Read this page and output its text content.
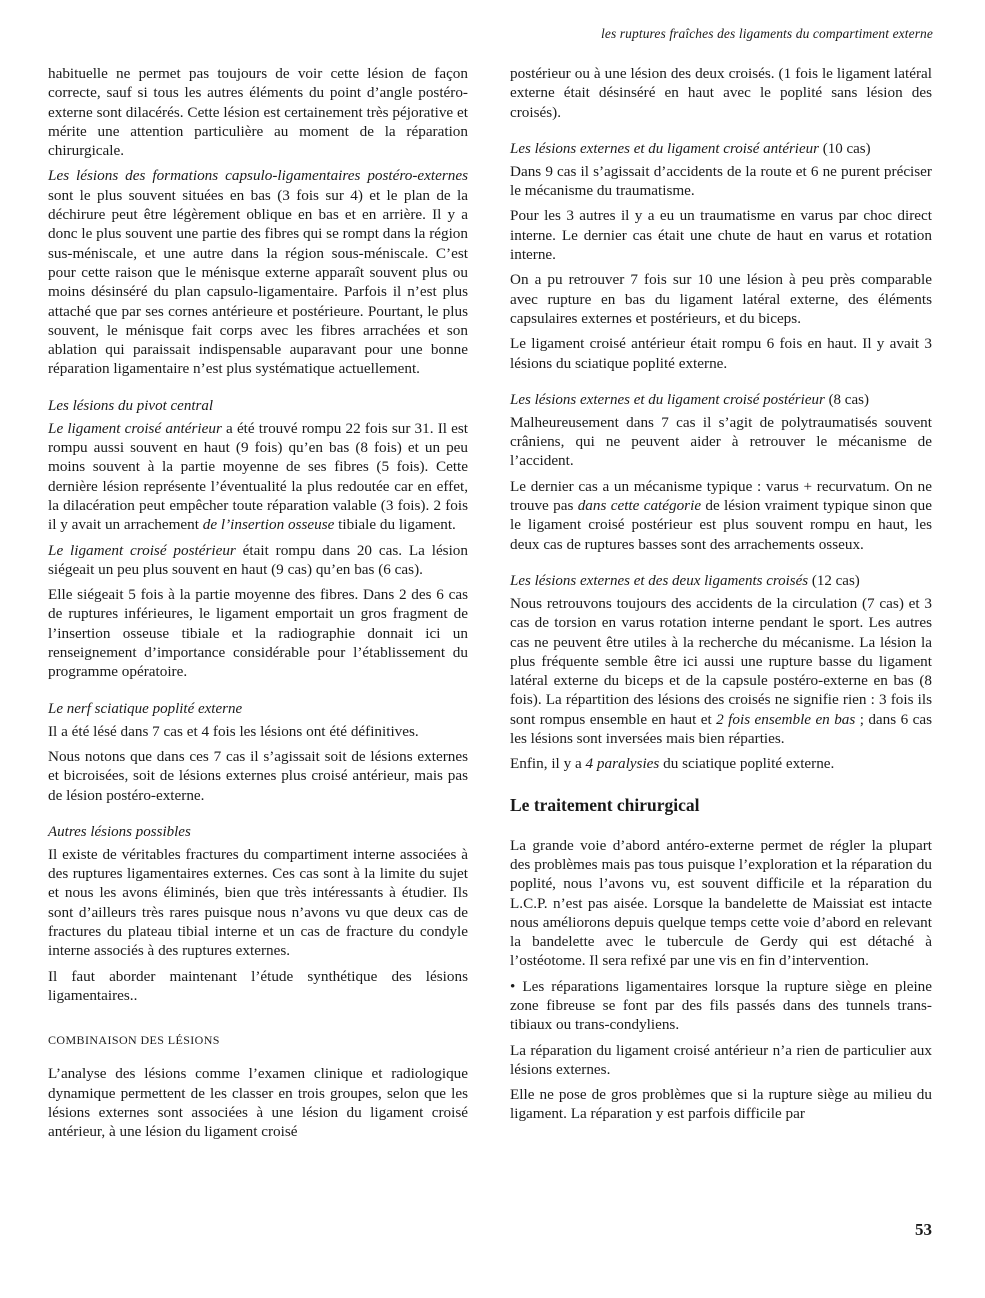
les ruptures fraîches des ligaments du compartiment externe

habituelle ne permet pas toujours de voir cette lésion de façon correcte, sauf si tous les autres éléments du point d’angle postéro-externe sont dilacérés. Cette lésion est certainement très péjorative et mérite une attention particulière au moment de la réparation chirurgicale.

Les lésions des formations capsulo-ligamentaires postéro-externes sont le plus souvent situées en bas (3 fois sur 4) et le plan de la déchirure peut être légèrement oblique en bas et en arrière. Il y a donc le plus souvent une partie des fibres qui se rompt dans la région sus-méniscale, et une autre dans la région sous-méniscale. C’est pour cette raison que le ménisque externe apparaît souvent plus ou moins désinséré du plan capsulo-ligamentaire. Parfois il n’est plus attaché que par ses cornes antérieure et postérieure. Pourtant, le plus souvent, le ménisque fait corps avec les fibres arrachées et son ablation qui paraissait indispensable auparavant pour une bonne réparation ligamentaire n’est plus systématique actuellement.

Les lésions du pivot central

Le ligament croisé antérieur a été trouvé rompu 22 fois sur 31. Il est rompu aussi souvent en haut (9 fois) qu’en bas (8 fois) et un peu moins souvent à la partie moyenne de ses fibres (5 fois). Cette dernière lésion représente l’éventualité la plus redoutée car en effet, la dilacération peut empêcher toute réparation valable (3 fois). 2 fois il y avait un arrachement de l’insertion osseuse tibiale du ligament.

Le ligament croisé postérieur était rompu dans 20 cas. La lésion siégeait un peu plus souvent en haut (9 cas) qu’en bas (6 cas).

Elle siégeait 5 fois à la partie moyenne des fibres. Dans 2 des 6 cas de ruptures inférieures, le ligament emportait un gros fragment de l’insertion osseuse tibiale et la radiographie donnait ici un renseignement d’importance considérable pour l’établissement du programme opératoire.

Le nerf sciatique poplité externe

Il a été lésé dans 7 cas et 4 fois les lésions ont été définitives.

Nous notons que dans ces 7 cas il s’agissait soit de lésions externes et bicroisées, soit de lésions externes plus croisé antérieur, mais pas de lésion postéro-externe.

Autres lésions possibles

Il existe de véritables fractures du compartiment interne associées à des ruptures ligamentaires externes. Ces cas sont à la limite du sujet et nous les avons éliminés, bien que très intéressants à étudier. Ils sont d’ailleurs très rares puisque nous n’avons vu que deux cas de fractures du plateau tibial interne et un cas de fracture du condyle interne associés à des ruptures externes.

Il faut aborder maintenant l’étude synthétique des lésions ligamentaires..

COMBINAISON DES LÉSIONS

L’analyse des lésions comme l’examen clinique et radiologique dynamique permettent de les classer en trois groupes, selon que les lésions externes sont associées à une lésion du ligament croisé antérieur, à une lésion du ligament croisé

postérieur ou à une lésion des deux croisés. (1 fois le ligament latéral externe était désinséré en haut avec le poplité sans lésion des croisés).

Les lésions externes et du ligament croisé antérieur (10 cas)

Dans 9 cas il s’agissait d’accidents de la route et 6 ne purent préciser le mécanisme du traumatisme.

Pour les 3 autres il y a eu un traumatisme en varus par choc direct interne. Le dernier cas était une chute de haut en varus et rotation interne.

On a pu retrouver 7 fois sur 10 une lésion à peu près comparable avec rupture en bas du ligament latéral externe, des éléments capsulaires externes et postérieurs, et du biceps.

Le ligament croisé antérieur était rompu 6 fois en haut. Il y avait 3 lésions du sciatique poplité externe.

Les lésions externes et du ligament croisé postérieur (8 cas)

Malheureusement dans 7 cas il s’agit de polytraumatisés souvent crâniens, qui ne peuvent aider à retrouver le mécanisme de l’accident.

Le dernier cas a un mécanisme typique : varus + recurvatum. On ne trouve pas dans cette catégorie de lésion vraiment typique sinon que le ligament croisé postérieur est plus souvent rompu en haut, les deux cas de ruptures basses sont des arrachements osseux.

Les lésions externes et des deux ligaments croisés (12 cas)

Nous retrouvons toujours des accidents de la circulation (7 cas) et 3 cas de torsion en varus rotation interne pendant le sport. Les autres cas ne peuvent être utiles à la recherche du mécanisme. La lésion la plus fréquente semble être ici aussi une rupture basse du ligament latéral externe du biceps et de la capsule postéro-externe en bas (8 fois). La répartition des lésions des croisés ne signifie rien : 3 fois ils sont rompus ensemble en haut et 2 fois ensemble en bas ; dans 6 cas les lésions sont inversées mais bien réparties.

Enfin, il y a 4 paralysies du sciatique poplité externe.

Le traitement chirurgical

La grande voie d’abord antéro-externe permet de régler la plupart des problèmes mais pas tous puisque l’exploration et la réparation du poplité, nous l’avons vu, est souvent difficile et la réparation du L.C.P. n’est pas aisée. Lorsque la bandelette de Maissiat est intacte nous améliorons depuis quelque temps cette voie d’abord en relevant la bandelette avec le tubercule de Gerdy qui est détaché à l’ostéotome. Il sera refixé par une vis en fin d’intervention.

• Les réparations ligamentaires lorsque la rupture siège en pleine zone fibreuse se font par des fils passés dans des tunnels trans-tibiaux ou trans-condyliens.

La réparation du ligament croisé antérieur n’a rien de particulier aux lésions externes.

Elle ne pose de gros problèmes que si la rupture siège au milieu du ligament. La réparation y est parfois difficile par

53
